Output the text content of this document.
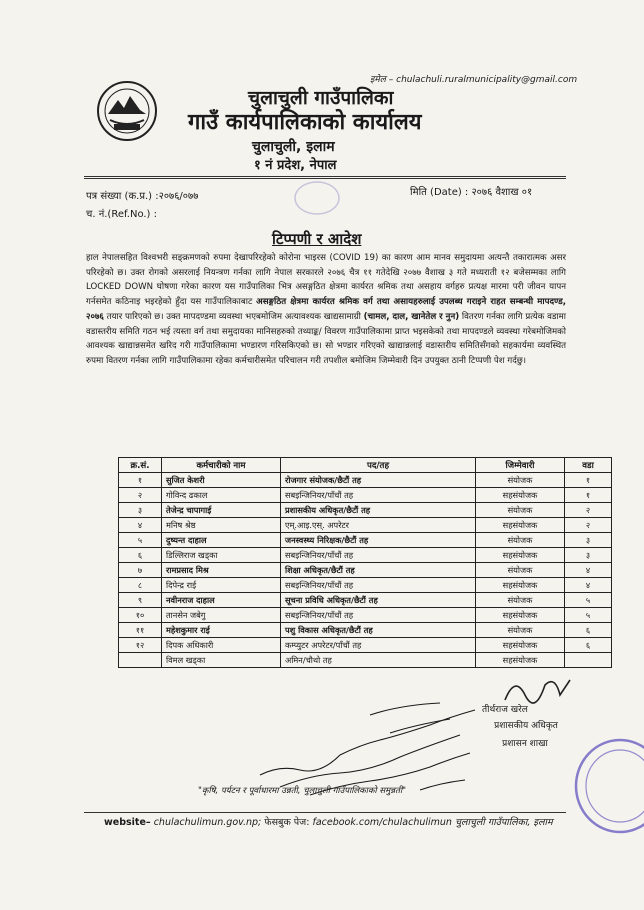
इमेल – chulachuli.ruralmunicipality@gmail.com
चुलाचुली गाउँपालिका
गाउँ कार्यपालिकाको कार्यालय
चुलाचुली, इलाम
१ नं प्रदेश, नेपाल
पत्र संख्या (क.प्र.) :२०७६/०७७
च. नं.(Ref.No.) :
मिति (Date) : २०७६ वैशाख ०१
टिप्पणी र आदेश
हाल नेपालसहित विश्वभरी सङ्क्रमणको रुपमा देखापरिरहेको कोरोना भाइरस (COVID 19) का कारण आम मानव समुदायमा अत्यन्तै तकारात्मक असर परिरहेको छ। उक्त रोगको असरलाई नियन्त्रण गर्नका लागि नेपाल सरकारले २०७६ चैत्र ११ गतेदेखि २०७७ वैशाख ३ गते मध्यराती १२ बजेसम्मका लागि LOCKED DOWN घोषणा गरेका कारण यस गाउँपालिका भित्र असङ्गठित क्षेत्रमा कार्यरत श्रमिक तथा असहाय वर्गहरु प्रत्यक्ष मारमा परी जीवन यापन गर्नसमेत कठिनाइ भइरहेको हुँदा यस गाउँपालिकाबाट असङ्गठित क्षेत्रमा कार्यरत श्रमिक वर्ग तथा असायहरुलाई उपलब्ध गराइने राहत सम्बन्धी मापदण्ड, २०७६ तयार पारिएको छ। उक्त मापदण्डमा व्यवस्था भएबमोजिम अत्यावश्यक खाद्यसामाग्री (चामल, दाल, खानेतेल र नुन) वितरण गर्नका लागि प्रत्येक वडामा वडास्तरीय समिति गठन भई त्यस्ता वर्ग तथा समुदायका मानिसहरुको तथ्याङ्क/ विवरण गाउँपालिकामा प्राप्त भइसकेको तथा मापदण्डले व्यवस्था गरेबमोजिमको आवश्यक खाद्यान्नसमेत खरिद गरी गाउँपालिकामा भण्डारण गरिसकिएको छ। सो भण्डार गरिएको खाद्यान्नलाई वडास्तरीय समितिसँगको सहकार्यमा व्यवस्थित रुपमा वितरण गर्नका लागि गाउँपालिकामा रहेका कर्मचारीसमेत परिचालन गरी तपशील बमोजिम जिम्मेवारी दिन उपयुक्त ठानी टिप्पणी पेश गर्दछु।
क्र.सं.	कर्मचारीको नाम	पद/तह	जिम्मेवारी	वडा
१	सुजित केशरी	रोजगार संयोजक/छैटौं तह	संयोजक	१
२	गोविन्द ढकाल	सबइन्जिनियर/पाँचौं तह	सहसंयोजक	१
३	तेजेन्द्र चापागाई	प्रशासकीय अधिकृत/छैटौं तह	संयोजक	२
४	मनिष श्रेष्ठ	एम्.आइ.एस्. अपरेटर	सहसंयोजक	२
५	दुष्यन्त दाहाल	जनस्वस्थ्य निरिक्षक/छैटौं तह	संयोजक	३
६	डिल्लिराज खड्का	सबइन्जिनियर/पाँचौं तह	सहसंयोजक	३
७	रामप्रसाद मिश्र	शिक्षा अधिकृत/छैटौं तह	संयोजक	४
८	दिपेन्द्र राई	सबइन्जिनियर/पाँचौं तह	सहसंयोजक	४
९	नवीनराज दाहाल	सूचना प्रविधि अधिकृत/छैटौं तह	संयोजक	५
१०	तानसेन जबेगु	सबइन्जिनियर/पाँचौं तह	सहसंयोजक	५
११	महेशकुमार राई	पशु विकास अधिकृत/छैटौं तह	संयोजक	६
१२	दिपक अधिकारी	कम्प्युटर अपरेटर/पाँचौं तह	सहसंयोजक	६
	विमल खड्का	अमिन/चौथो तह	सहसंयोजक	
तीर्थराज खरेल
प्रशासकीय अधिकृत
प्रशासन शाखा
"कृषि, पर्यटन र पूर्वाधारमा उन्नती, चुलाचुली गाउँपालिकाको समुन्नती"
website– chulachulimun.gov.np; फेसबुक पेज: facebook.com/chulachulimun चुलाचुली गाउँपालिका, इलाम
